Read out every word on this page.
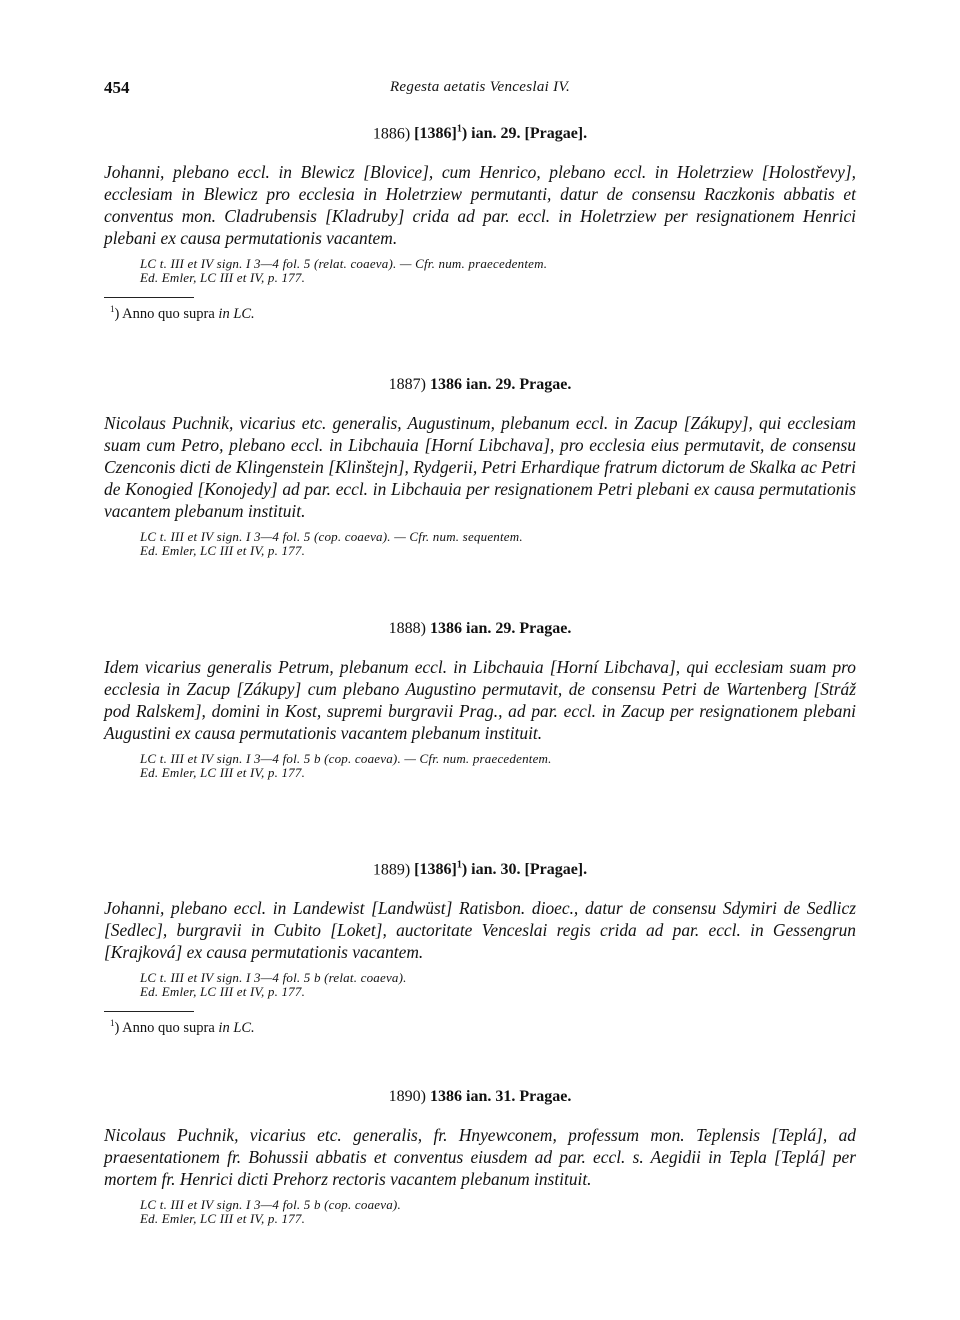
454	Regesta aetatis Venceslai IV.
1886) $[1386]^1$) ian. 29. [Pragae].

Johanni, plebano eccl. in Blewicz [Blovice], cum Henrico, plebano eccl. in Holetrziew [Holostřevy], ecclesiam in Blewicz pro ecclesia in Holetrziew permutanti, datur de consensu Raczkonis abbatis et conventus mon. Cladrubensis [Kladruby] crida ad par. eccl. in Holetrziew per resignationem Henrici plebani ex causa permutationis vacantem.

LC t. III et IV sign. I 3—4 fol. 5 (relat. coaeva). — Cfr. num. praecedentem.
Ed. Emler, LC III et IV, p. 177.
$^1$) Anno quo supra in LC.
1887) 1386 ian. 29. Pragae.

Nicolaus Puchnik, vicarius etc. generalis, Augustinum, plebanum eccl. in Zacup [Zákupy], qui ecclesiam suam cum Petro, plebano eccl. in Libchauia [Horní Libchava], pro ecclesia eius permutavit, de consensu Czenconis dicti de Klingenstein [Klinštejn], Rydgerii, Petri Erhardique fratrum dictorum de Skalka ac Petri de Konogied [Konojedy] ad par. eccl. in Libchauia per resignationem Petri plebani ex causa permutationis vacantem plebanum instituit.

LC t. III et IV sign. I 3—4 fol. 5 (cop. coaeva). — Cfr. num. sequentem.
Ed. Emler, LC III et IV, p. 177.
1888) 1386 ian. 29. Pragae.

Idem vicarius generalis Petrum, plebanum eccl. in Libchauia [Horní Libchava], qui ecclesiam suam pro ecclesia in Zacup [Zákupy] cum plebano Augustino permutavit, de consensu Petri de Wartenberg [Stráž pod Ralskem], domini in Kost, supremi burgravii Prag., ad par. eccl. in Zacup per resignationem plebani Augustini ex causa permutationis vacantem plebanum instituit.

LC t. III et IV sign. I 3—4 fol. 5 b (cop. coaeva). — Cfr. num. praecedentem.
Ed. Emler, LC III et IV, p. 177.
1889) $[1386]^1$) ian. 30. [Pragae].

Johanni, plebano eccl. in Landewist [Landwüst] Ratisbon. dioec., datur de consensu Sdymiri de Sedlicz [Sedlec], burgravii in Cubito [Loket], auctoritate Venceslai regis crida ad par. eccl. in Gessengrun [Krajková] ex causa permutationis vacantem.

LC t. III et IV sign. I 3—4 fol. 5 b (relat. coaeva).
Ed. Emler, LC III et IV, p. 177.
$^1$) Anno quo supra in LC.
1890) 1386 ian. 31. Pragae.

Nicolaus Puchnik, vicarius etc. generalis, fr. Hnyewconem, professum mon. Teplensis [Teplá], ad praesentationem fr. Bohussii abbatis et conventus eiusdem ad par. eccl. s. Aegidii in Tepla [Teplá] per mortem fr. Henrici dicti Prehorz rectoris vacantem plebanum instituit.

LC t. III et IV sign. I 3—4 fol. 5 b (cop. coaeva).
Ed. Emler, LC III et IV, p. 177.
